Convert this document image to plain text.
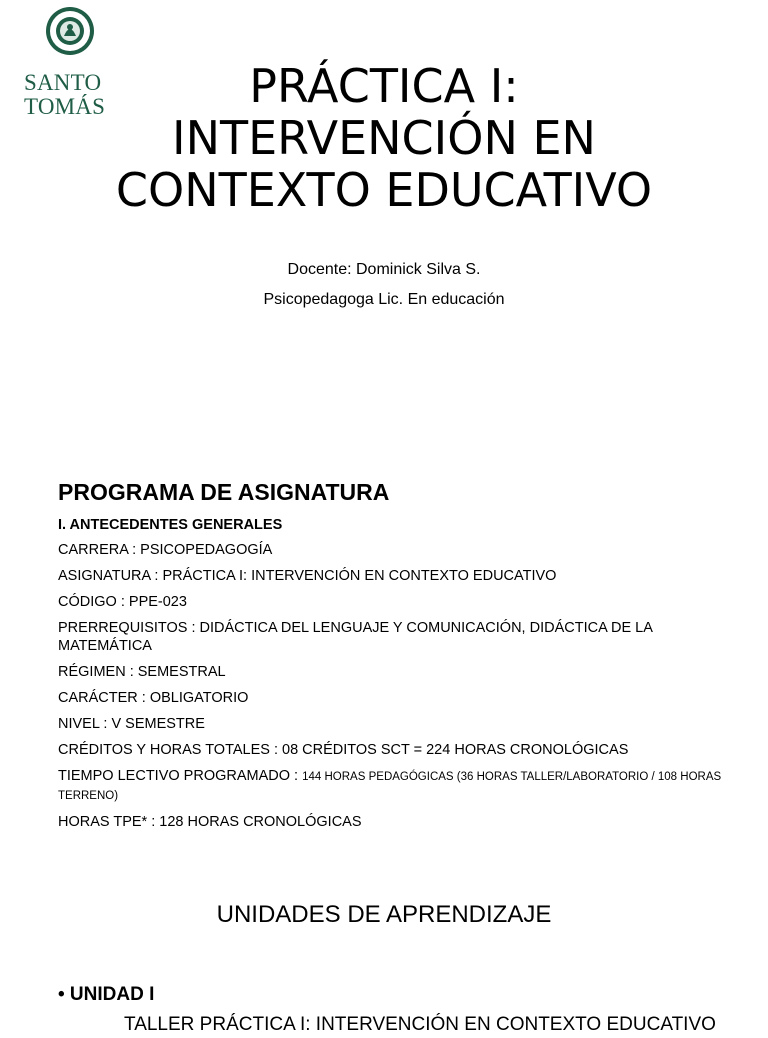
SANTO
TOMÁS	PRÁCTICA I:
INTERVENCIÓN EN
CONTEXTO EDUCATIVO
Docente: Dominick Silva S.
Psicopedagoga Lic. En educación
PROGRAMA DE ASIGNATURA
I. ANTECEDENTES GENERALES
CARRERA : PSICOPEDAGOGÍA
ASIGNATURA : PRÁCTICA I: INTERVENCIÓN EN CONTEXTO EDUCATIVO
CÓDIGO : PPE-023
PRERREQUISITOS : DIDÁCTICA DEL LENGUAJE Y COMUNICACIÓN, DIDÁCTICA DE LA MATEMÁTICA
RÉGIMEN : SEMESTRAL
CARÁCTER : OBLIGATORIO
NIVEL : V SEMESTRE
CRÉDITOS Y HORAS TOTALES : 08 CRÉDITOS SCT = 224 HORAS CRONOLÓGICAS
TIEMPO LECTIVO PROGRAMADO : 144 HORAS PEDAGÓGICAS (36 HORAS TALLER/LABORATORIO / 108 HORAS TERRENO)
HORAS TPE* : 128 HORAS CRONOLÓGICAS
UNIDADES DE APRENDIZAJE
• UNIDAD I
TALLER PRÁCTICA I: INTERVENCIÓN EN CONTEXTO EDUCATIVO
